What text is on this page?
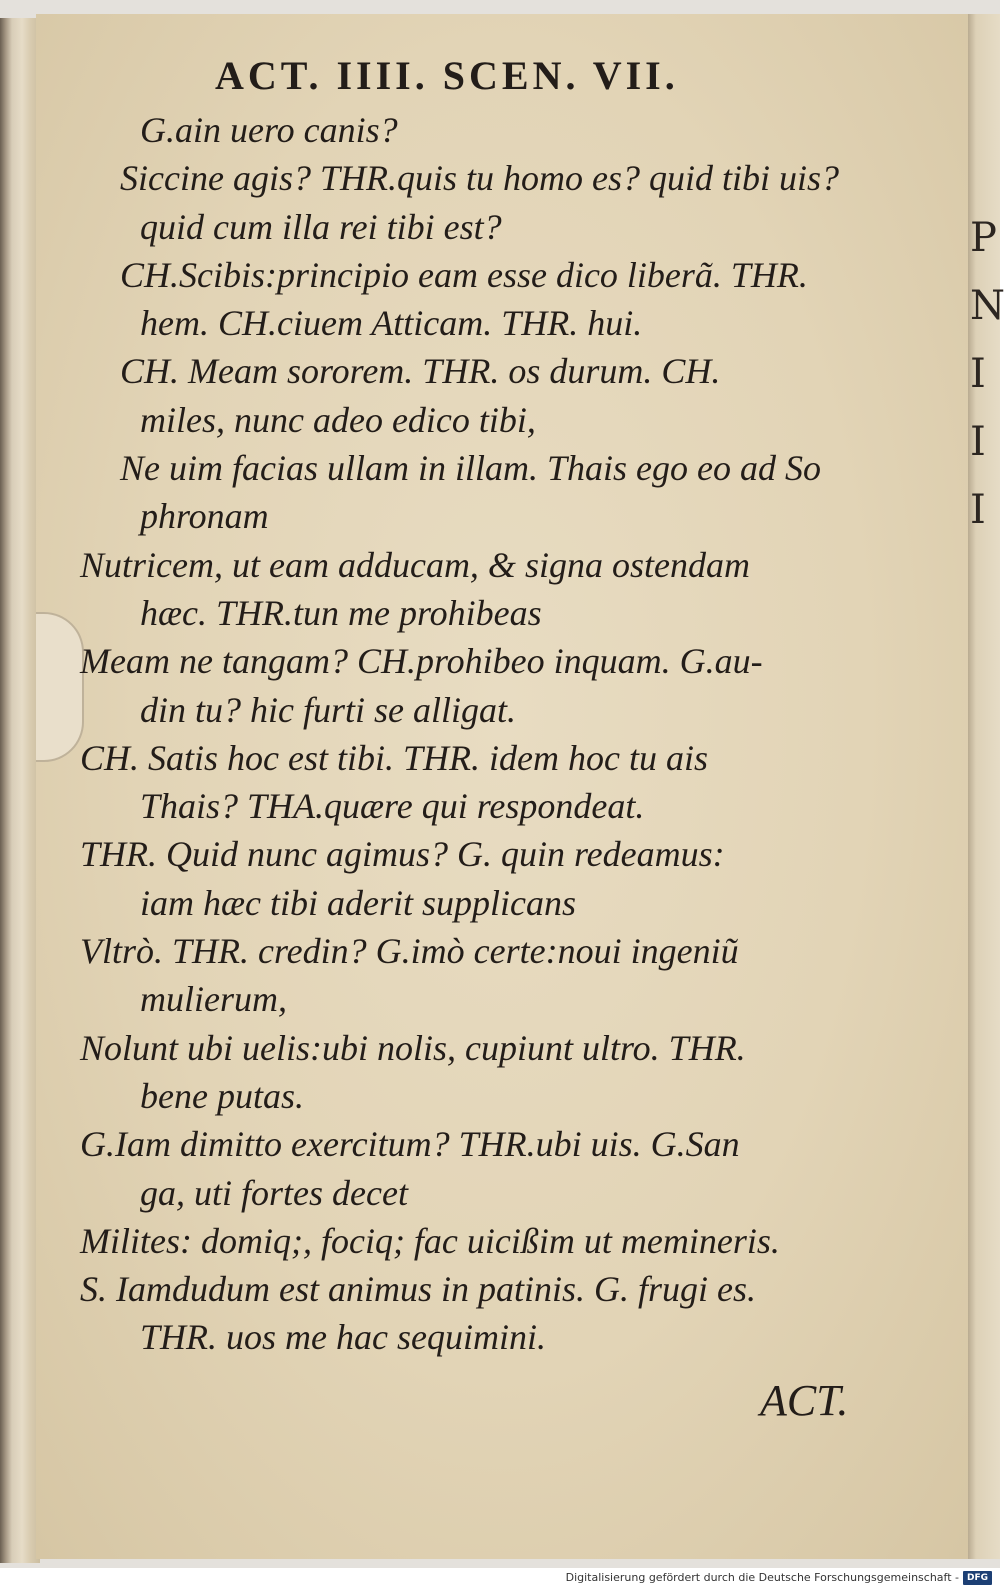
P
N
I
I
I
ACT. IIII. SCEN. VII.
G.ain uero canis?
Siccine agis? THR.quis tu homo es? quid tibi uis?
quid cum illa rei tibi est?
CH.Scibis:principio eam esse dico liberã. THR.
hem. CH.ciuem Atticam. THR. hui.
CH. Meam sororem. THR. os durum. CH.
miles, nunc adeo edico tibi,
Ne uim facias ullam in illam. Thais ego eo ad So
phronam
Nutricem, ut eam adducam, & signa ostendam
hæc. THR.tun me prohibeas
Meam ne tangam? CH.prohibeo inquam. G.au-
din tu? hic furti se alligat.
CH. Satis hoc est tibi. THR. idem hoc tu ais
Thais? THA.quære qui respondeat.
THR. Quid nunc agimus? G. quin redeamus:
iam hæc tibi aderit supplicans
Vltrò. THR. credin? G.imò certe:noui ingeniũ
mulierum,
Nolunt ubi uelis:ubi nolis, cupiunt ultro. THR.
bene putas.
G.Iam dimitto exercitum? THR.ubi uis. G.San
ga, uti fortes decet
Milites: domiq;, fociq; fac uicißim ut memineris.
S. Iamdudum est animus in patinis. G. frugi es.
THR. uos me hac sequimini.
ACT.
Digitalisierung gefördert durch die Deutsche Forschungsgemeinschaft - DFG
